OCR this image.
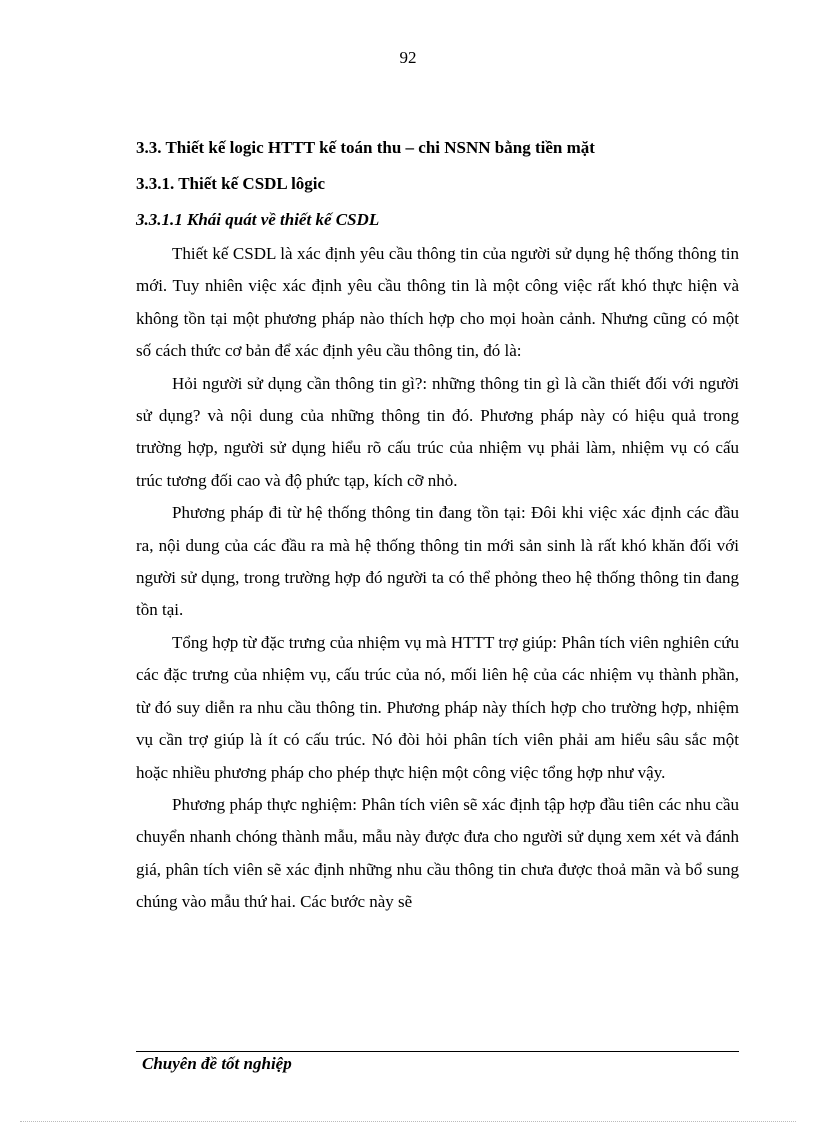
92

3.3. Thiết kế logic HTTT kế toán thu – chi NSNN bằng tiền mặt

3.3.1. Thiết kế CSDL lôgic

3.3.1.1 Khái quát về thiết kế CSDL

Thiết kế CSDL là xác định yêu cầu thông tin của người sử dụng hệ thống thông tin mới. Tuy nhiên việc xác định yêu cầu thông tin là một công việc rất khó thực hiện và không tồn tại một phương pháp nào thích hợp cho mọi hoàn cảnh. Nhưng cũng có một số cách thức cơ bản để xác định yêu cầu thông tin, đó là:

Hỏi người sử dụng cần thông tin gì?: những thông tin gì là cần thiết đối với người sử dụng? và nội dung của những thông tin đó. Phương pháp này có hiệu quả trong trường hợp, người sử dụng hiểu rõ cấu trúc của nhiệm vụ phải làm, nhiệm vụ có cấu trúc tương đối cao và độ phức tạp, kích cỡ nhỏ.

Phương pháp đi từ hệ thống thông tin đang tồn tại: Đôi khi việc xác định các đầu ra, nội dung của các đầu ra mà hệ thống thông tin mới sản sinh là rất khó khăn đối với người sử dụng, trong trường hợp đó người ta có thể phỏng theo hệ thống thông tin đang tồn tại.

Tổng hợp từ đặc trưng của nhiệm vụ mà HTTT trợ giúp: Phân tích viên nghiên cứu các đặc trưng của nhiệm vụ, cấu trúc của nó, mối liên hệ của các nhiệm vụ thành phần, từ đó suy diễn ra nhu cầu thông tin. Phương pháp này thích hợp cho trường hợp, nhiệm vụ cần trợ giúp là ít có cấu trúc. Nó đòi hỏi phân tích viên phải am hiểu sâu sắc một hoặc nhiều phương pháp cho phép thực hiện một công việc tổng hợp như vậy.

Phương pháp thực nghiệm: Phân tích viên sẽ xác định tập hợp đầu tiên các nhu cầu chuyển nhanh chóng thành mẫu, mẫu này được đưa cho người sử dụng xem xét và đánh giá, phân tích viên sẽ xác định những nhu cầu thông tin chưa được thoả mãn và bổ sung chúng vào mẫu thứ hai. Các bước này sẽ

Chuyên đề tốt nghiệp
